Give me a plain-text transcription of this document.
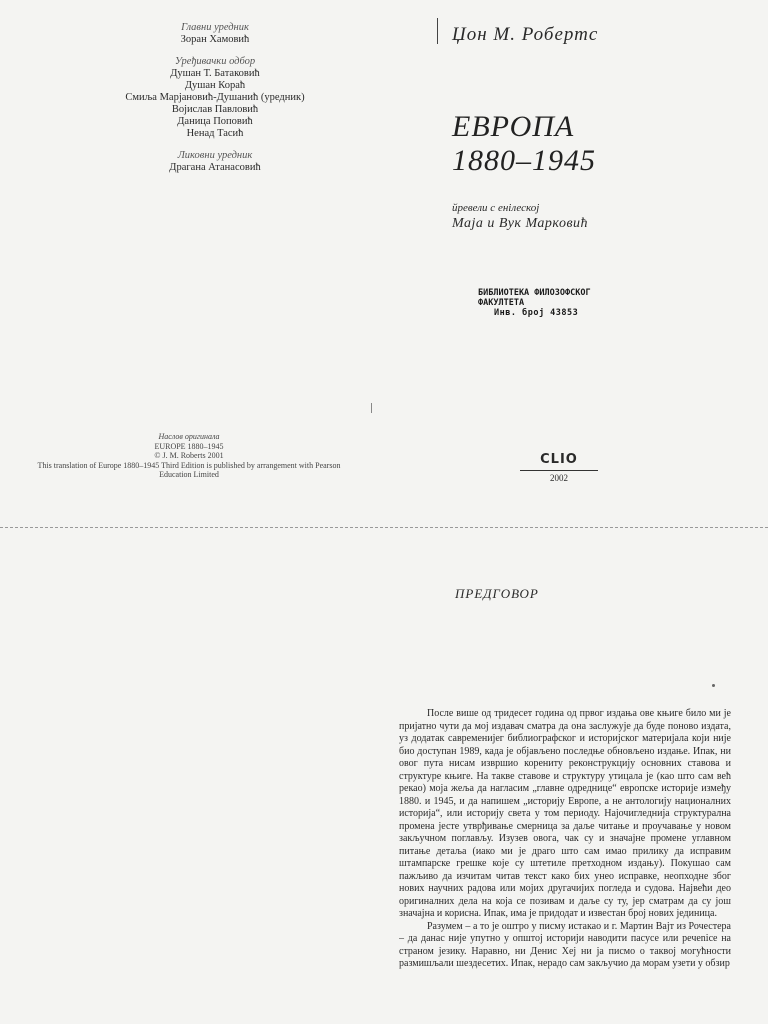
Главни уредник
Зоран Хамовић
Уређивачки одбор
Душан Т. Батаковић
Душан Кораћ
Смиља Марјановић-Душанић (уредник)
Војислав Павловић
Даница Поповић
Ненад Тасић
Ликовни уредник
Драгана Атанасовић
Џон М. Робертс
ЕВРОПА
1880–1945
йревели с енілеској
Маја и Вук Марковић
БИБЛИОТЕКА ФИЛОЗОФСКОГ ФАКУЛТЕТА
Инв. број 43853
Наслов оригинала
EUROPE 1880–1945
© J. M. Roberts 2001
This translation of Europe 1880–1945 Third Edition is published by arrangement with Pearson Education Limited
CLIO
2002
ПРЕДГОВОР

После више од тридесет година од првог издања ове књиге било ми је пријатно чути да мој издавач сматра да она заслужује да буде поново издата, уз додатак савременијег библиографског и историјског материјала који није био доступан 1989, када је објављено последње обновљено издање. Ипак, ни овог пута нисам извршио корениту реконструкцију основних ставова и структуре књиге. На такве ставове и структуру утицала је (као што сам већ рекао) моја жеља да нагласим „главне одреднице“ европске историје између 1880. и 1945, и да напишем „историју Европе, а не антологију националних историја“, или историју света у том периоду. Најочигледнија структурална промена јесте утврђивање смерница за даље читање и проучавање у новом закључном поглављу. Изузев овога, чак су и значајне промене углавном питање детаља (иако ми је драго што сам имао прилику да исправим штампарске грешке које су штетиле претходном издању). Покушао сам пажљиво да изчитам читав текст како бих унео исправке, неопходне због нових научних радова или мојих другачијих погледа и судова. Највећи део оригиналних дела на која се позивам и даље су ту, јер сматрам да су још значајна и корисна. Ипак, има је придодат и известан број нових јединица.

Разумем – а то је оштро у писму истакао и г. Мартин Вајт из Рочестера – да данас није упутно у општој историји наводити пасусе или речenice на страном језику. Наравно, ни Денис Хеј ни ја писмо о таквој могућности размишљали шездесетих. Ипак, нерадо сам закључио да морам узети у обзир
